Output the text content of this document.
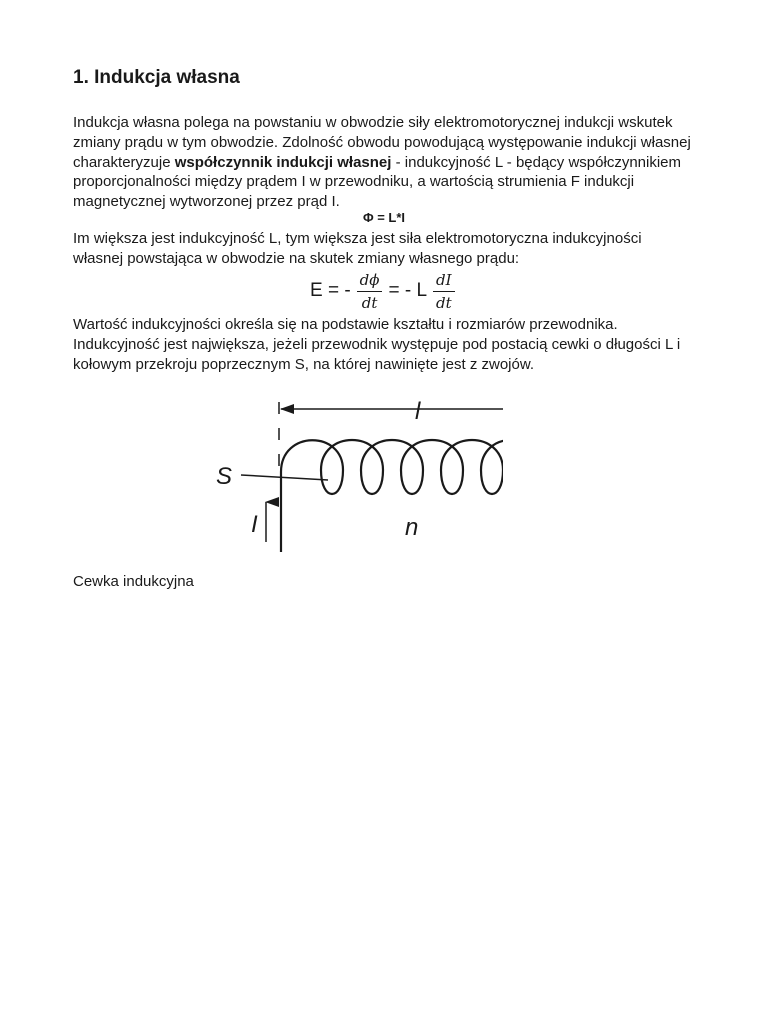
1. Indukcja własna

Indukcja własna polega na powstaniu w obwodzie siły elektromotorycznej indukcji wskutek zmiany prądu w tym obwodzie. Zdolność obwodu powodującą występowanie indukcji własnej charakteryzuje współczynnik indukcji własnej - indukcyjność L - będący współczynnikiem proporcjonalności między prądem I w przewodniku, a wartością strumienia F indukcji magnetycznej wytworzonej przez prąd I.

Φ = L*I

Im większa jest indukcyjność L, tym większa jest siła elektromotoryczna indukcyjności własnej powstająca w obwodzie na skutek zmiany własnego prądu:

E = - $\frac{d\phi}{dt}$ = - L $\frac{dI}{dt}$

Wartość indukcyjności określa się na podstawie kształtu i rozmiarów przewodnika. Indukcyjność jest największa, jeżeli przewodnik występuje pod postacią cewki o długości L i kołowym przekroju poprzecznym S, na której nawinięte jest z zwojów.

l
S
I	n

Cewka indukcyjna
